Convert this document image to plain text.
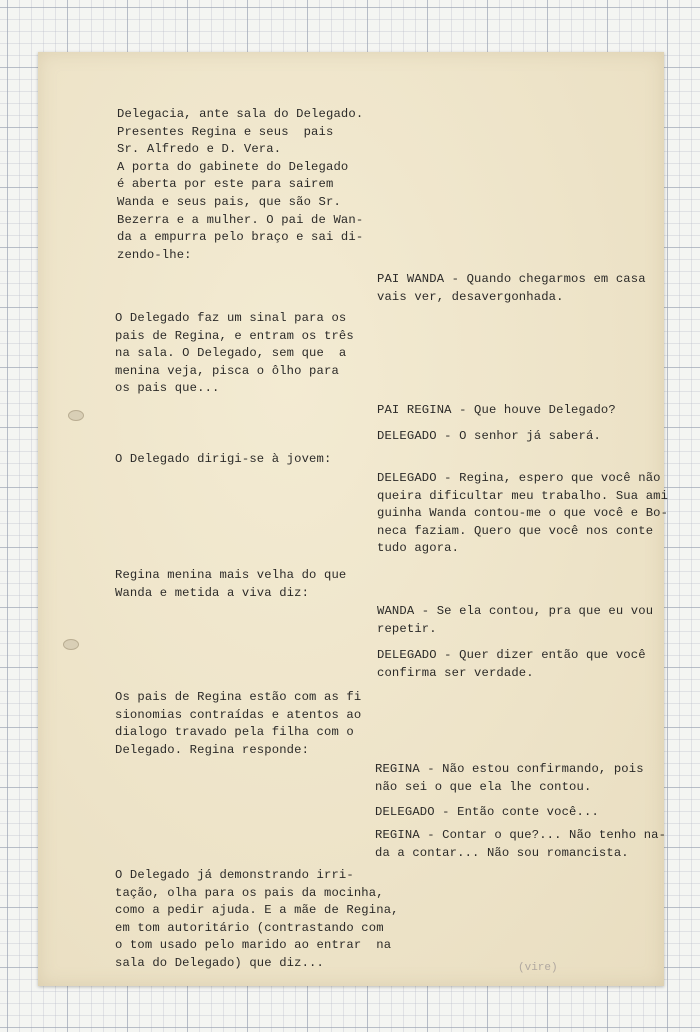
Delegacia, ante sala do Delegado.
Presentes Regina e seus  pais
Sr. Alfredo e D. Vera.
A porta do gabinete do Delegado
é aberta por este para sairem
Wanda e seus pais, que são Sr.
Bezerra e a mulher. O pai de Wan-
da a empurra pelo braço e sai di-
zendo-lhe:

PAI WANDA - Quando chegarmos em casa
vais ver, desavergonhada.

O Delegado faz um sinal para os
pais de Regina, e entram os três
na sala. O Delegado, sem que  a
menina veja, pisca o ôlho para
os pais que...

PAI REGINA - Que houve Delegado?

DELEGADO - O senhor já saberá.

O Delegado dirigi-se à jovem:

DELEGADO - Regina, espero que você não
queira dificultar meu trabalho. Sua ami
guinha Wanda contou-me o que você e Bo-
neca faziam. Quero que você nos conte
tudo agora.

Regina menina mais velha do que
Wanda e metida a viva diz:

WANDA - Se ela contou, pra que eu vou
repetir.

DELEGADO - Quer dizer então que você
confirma ser verdade.

Os pais de Regina estão com as fi
sionomias contraídas e atentos ao
dialogo travado pela filha com o
Delegado. Regina responde:

REGINA - Não estou confirmando, pois
não sei o que ela lhe contou.

DELEGADO - Então conte você...

REGINA - Contar o que?... Não tenho na-
da a contar... Não sou romancista.

O Delegado já demonstrando irri-
tação, olha para os pais da mocinha,
como a pedir ajuda. E a mãe de Regina,
em tom autoritário (contrastando com
o tom usado pelo marido ao entrar  na
sala do Delegado) que diz...	(vire)
